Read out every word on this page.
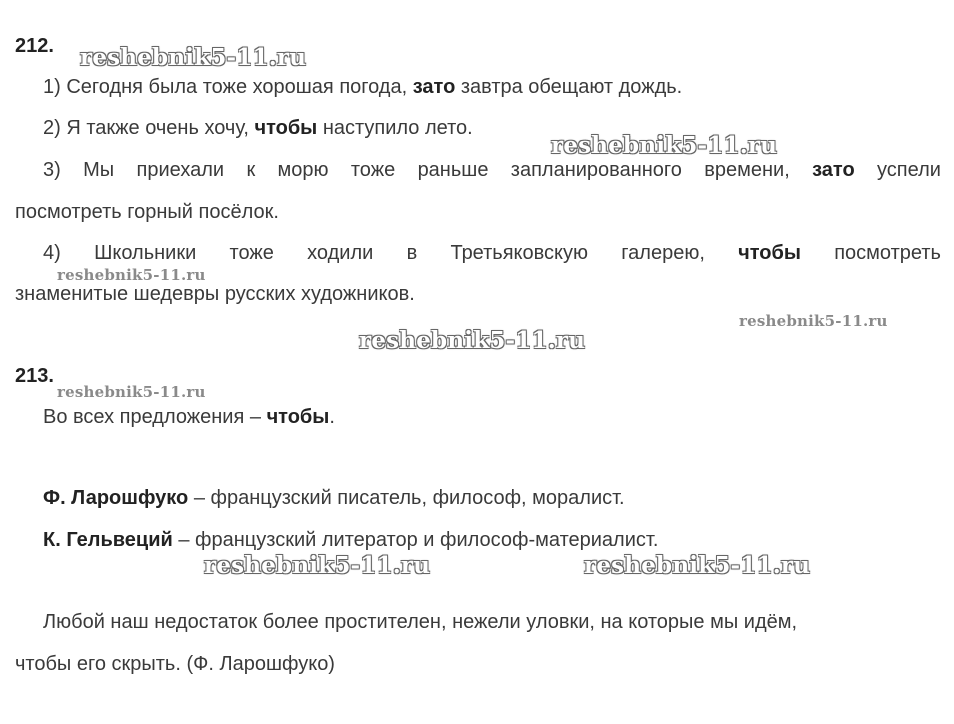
212.
1) Сегодня была тоже хорошая погода, зато завтра обещают дождь.
2) Я также очень хочу, чтобы наступило лето.
3) Мы приехали к морю тоже раньше запланированного времени, зато успели
посмотреть горный посёлок.
4) Школьники тоже ходили в Третьяковскую галерею, чтобы посмотреть
знаменитые шедевры русских художников.
213.
Во всех предложения – чтобы.
Ф. Ларошфуко – французский писатель, философ, моралист.
К. Гельвеций – французский литератор и философ-материалист.
Любой наш недостаток более простителен, нежели уловки, на которые мы идём,
чтобы его скрыть. (Ф. Ларошфуко)
reshebnik5-11.ru
reshebnik5-11.ru
reshebnik5-11.ru
reshebnik5-11.ru
reshebnik5-11.ru
reshebnik5-11.ru
reshebnik5-11.ru	reshebnik5-11.ru
